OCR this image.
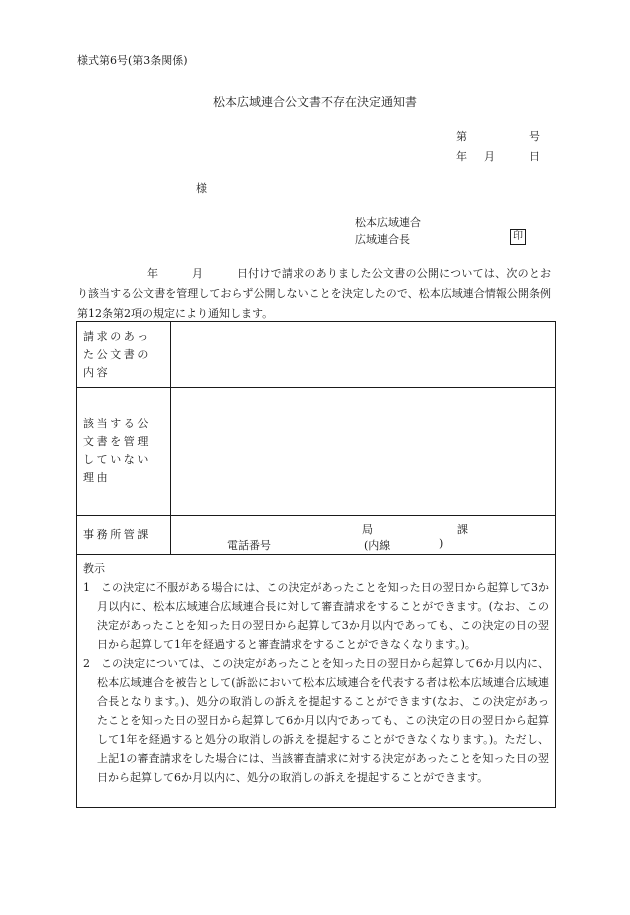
様式第6号(第3条関係)
松本広域連合公文書不存在決定通知書
第	号
年	月	日
様
松本広域連合
広域連合長	印
年　　　	月　　　	日付けで請求のありました公文書の公開については、次のとおり該当する公文書を管理しておらず公開しないことを決定したので、松本広域連合情報公開条例第12条第2項の規定により通知します。
請求のあった公文書の内容
該当する公文書を管理していない理由
事務所管課	局	課
電話番号	(内線	)
教示

1　この決定に不服がある場合には、この決定があったことを知った日の翌日から起算して3か月以内に、松本広域連合広域連合長に対して審査請求をすることができます。(なお、この決定があったことを知った日の翌日から起算して3か月以内であっても、この決定の日の翌日から起算して1年を経過すると審査請求をすることができなくなります。)。

2　この決定については、この決定があったことを知った日の翌日から起算して6か月以内に、松本広域連合を被告として(訴訟において松本広域連合を代表する者は松本広域連合広域連合長となります。)、処分の取消しの訴えを提起することができます(なお、この決定があったことを知った日の翌日から起算して6か月以内であっても、この決定の日の翌日から起算して1年を経過すると処分の取消しの訴えを提起することができなくなります。)。ただし、上記1の審査請求をした場合には、当該審査請求に対する決定があったことを知った日の翌日から起算して6か月以内に、処分の取消しの訴えを提起することができます。
